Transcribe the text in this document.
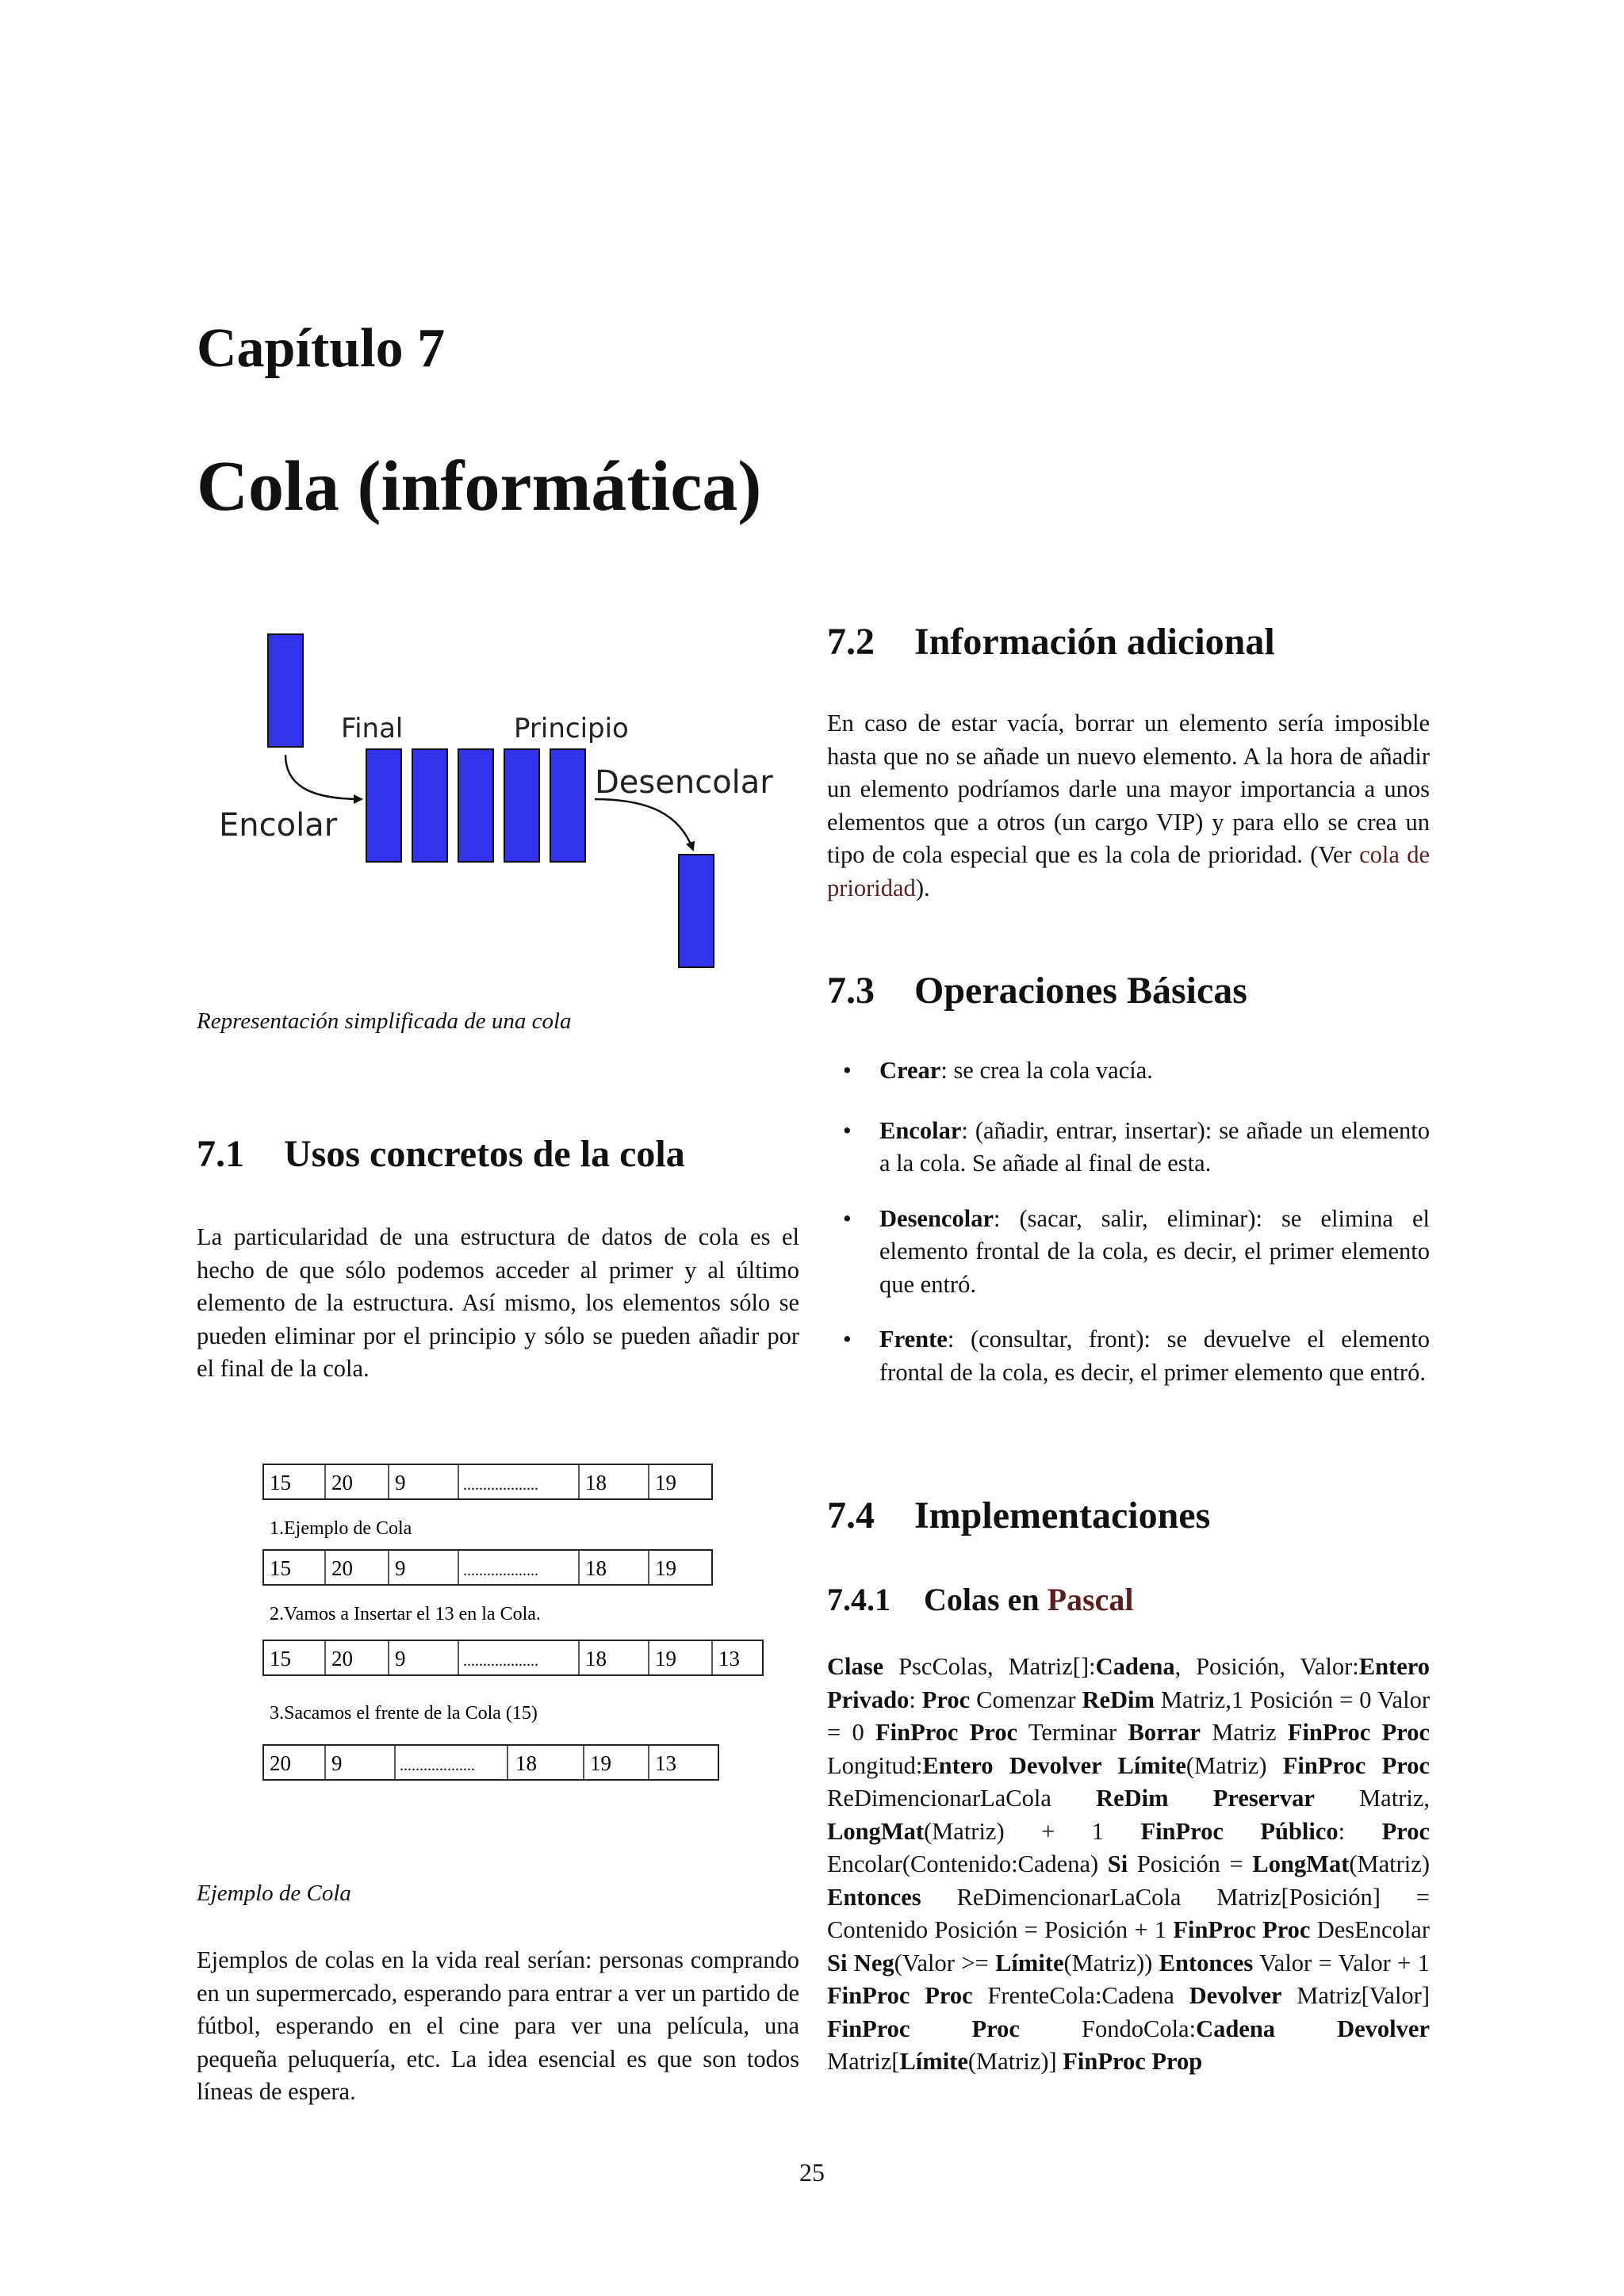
Capítulo 7
Cola (informática)
Final	Principio
Desencolar
Encolar

Representación simplificada de una cola

7.1 Usos concretos de la cola

La particularidad de una estructura de datos de cola es el hecho de que sólo podemos acceder al primer y al último elemento de la estructura. Así mismo, los elementos sólo se pueden eliminar por el principio y sólo se pueden añadir por el final de la cola.

15 20 9	................... 18 19
1.Ejemplo de Cola
15 20 9	................... 18 19
2.Vamos a Insertar el 13 en la Cola.
15 20 9	................... 18 19 13
3.Sacamos el frente de la Cola (15)
20 9	................... 18 19 13

Ejemplo de Cola

Ejemplos de colas en la vida real serían: personas comprando en un supermercado, esperando para entrar a ver un partido de fútbol, esperando en el cine para ver una película, una pequeña peluquería, etc. La idea esencial es que son todos líneas de espera.

7.2 Información adicional

En caso de estar vacía, borrar un elemento sería imposible hasta que no se añade un nuevo elemento. A la hora de añadir un elemento podríamos darle una mayor importancia a unos elementos que a otros (un cargo VIP) y para ello se crea un tipo de cola especial que es la cola de prioridad. (Ver cola de prioridad).

7.3 Operaciones Básicas
• Crear: se crea la cola vacía.
• Encolar: (añadir, entrar, insertar): se añade un elemento a la cola. Se añade al final de esta.
• Desencolar: (sacar, salir, eliminar): se elimina el elemento frontal de la cola, es decir, el primer elemento que entró.
• Frente: (consultar, front): se devuelve el elemento frontal de la cola, es decir, el primer elemento que entró.
7.4 Implementaciones
7.4.1 Colas en Pascal

Clase PscColas, Matriz[]:Cadena, Posición, Valor:Entero Privado: Proc Comenzar ReDim Matriz,1 Posición = 0 Valor = 0 FinProc Proc Terminar Borrar Matriz FinProc Proc Longitud:Entero Devolver Límite(Matriz) FinProc Proc ReDimencionarLaCola ReDim Preservar Matriz, LongMat(Matriz) + 1 FinProc Público: Proc Encolar(Contenido:Cadena) Si Posición = LongMat(Matriz) Entonces ReDimencionarLaCola Matriz[Posición] = Contenido Posición = Posición + 1 FinProc Proc DesEncolar Si Neg(Valor >= Límite(Matriz)) Entonces Valor = Valor + 1 FinProc Proc FrenteCola:Cadena Devolver Matriz[Valor] FinProc Proc FondoCola:Cadena Devolver Matriz[Límite(Matriz)] FinProc Prop

25
